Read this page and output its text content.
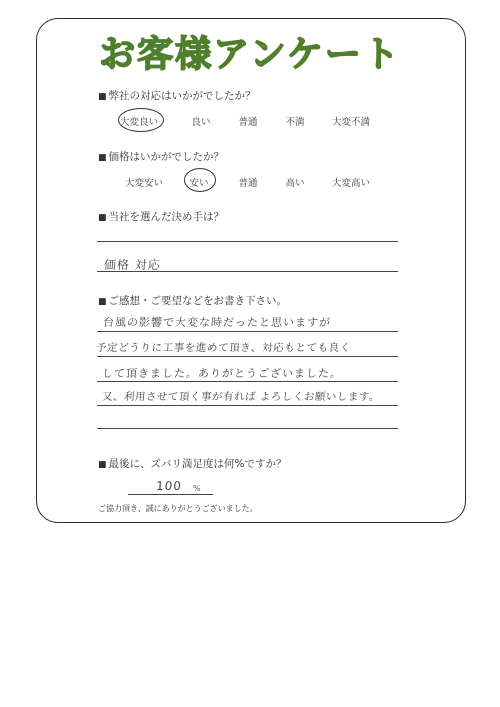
お客様アンケート
■ 弊社の対応はいかがでしたか？
大変良い	良い	普通	不満	大変不満
■ 価格はいかがでしたか？
大変安い	安い	普通	高い	大変高い
■ 当社を選んだ決め手は？
価格 対応
■ ご感想・ご要望などをお書き下さい。
台風の影響で大変な時だったと思いますが
予定どうりに工事を進めて頂き、対応もとても良く
して頂きました。ありがとうございました。
又、利用させて頂く事が有れば よろしくお願いします。
■ 最後に、ズバリ満足度は何%ですか？
100 %
ご協力頂き、誠にありがとうございました。
